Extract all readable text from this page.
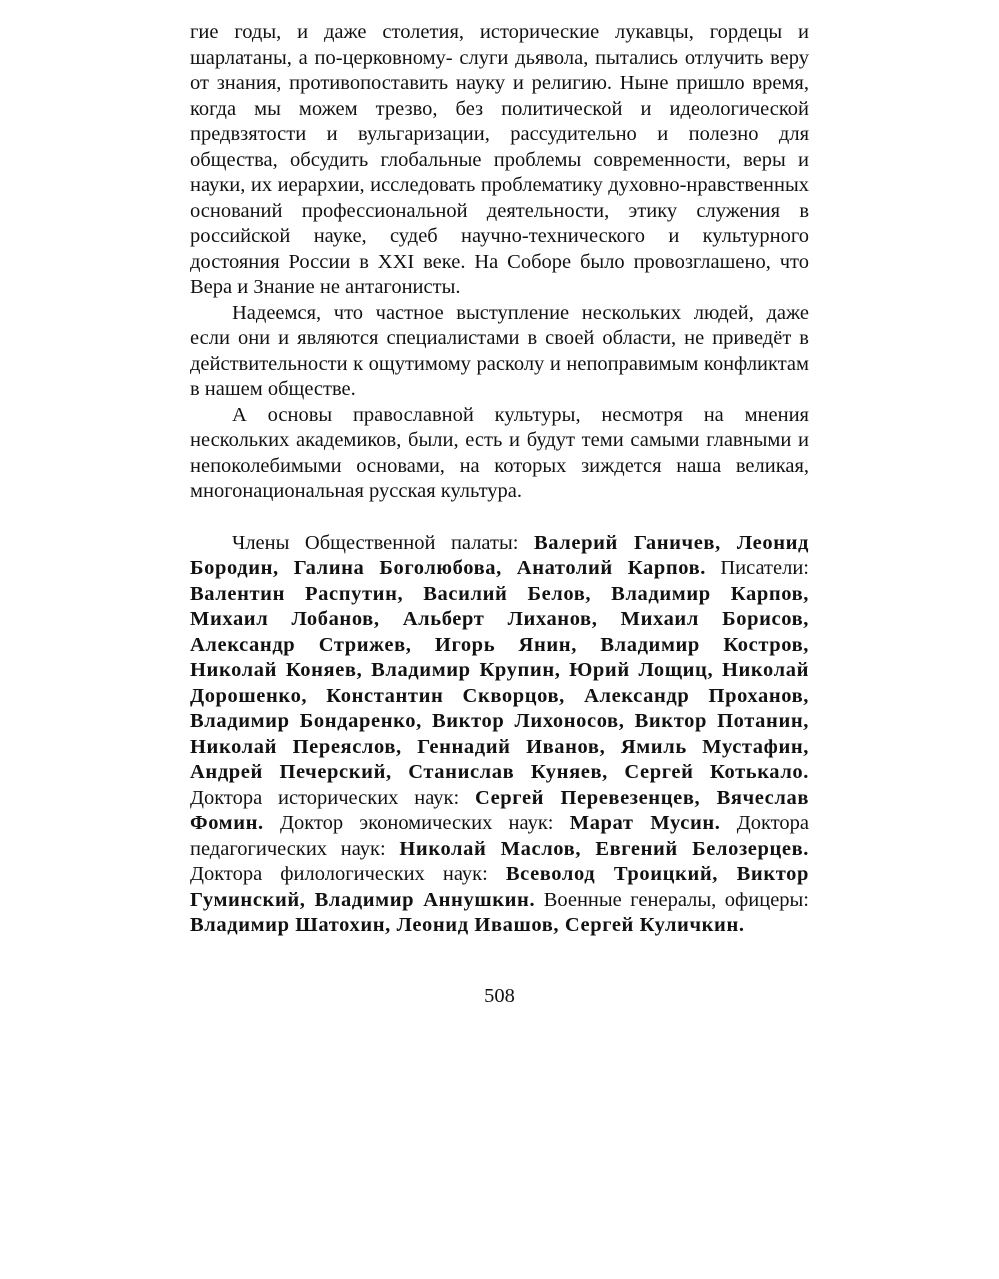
гие годы, и даже столетия, исторические лукавцы, гордецы и шарлатаны, а по-церковному- слуги дьявола, пытались отлучить веру от знания, противопоставить науку и религию. Ныне пришло время, когда мы можем трезво, без политической и идеологической предвзятости и вульгаризации, рассудительно и полезно для общества, обсудить глобальные проблемы современности, веры и науки, их иерархии, исследовать проблематику духовно-нравственных оснований профессиональной деятельности, этику служения в российской науке, судеб научно-технического и культурного достояния России в XXI веке. На Соборе было провозглашено, что Вера и Знание не антагонисты.

Надеемся, что частное выступление нескольких людей, даже если они и являются специалистами в своей области, не приведёт в действительности к ощутимому расколу и непоправимым конфликтам в нашем обществе.

А основы православной культуры, несмотря на мнения нескольких академиков, были, есть и будут теми самыми главными и непоколебимыми основами, на которых зиждется наша великая, многонациональная русская культура.

Члены Общественной палаты: Валерий Ганичев, Леонид Бородин, Галина Боголюбова, Анатолий Карпов. Писатели: Валентин Распутин, Василий Белов, Владимир Карпов, Михаил Лобанов, Альберт Лиханов, Михаил Борисов, Александр Стрижев, Игорь Янин, Владимир Костров, Николай Коняев, Владимир Крупин, Юрий Лощиц, Николай Дорошенко, Константин Скворцов, Александр Проханов, Владимир Бондаренко, Виктор Лихоносов, Виктор Потанин, Николай Переяслов, Геннадий Иванов, Ямиль Мустафин, Андрей Печерский, Станислав Куняев, Сергей Котькало. Доктора исторических наук: Сергей Перевезенцев, Вячеслав Фомин. Доктор экономических наук: Марат Мусин. Доктора педагогических наук: Николай Маслов, Евгений Белозерцев. Доктора филологических наук: Всеволод Троицкий, Виктор Гуминский, Владимир Аннушкин. Военные генералы, офицеры: Владимир Шатохин, Леонид Ивашов, Сергей Куличкин.

508
